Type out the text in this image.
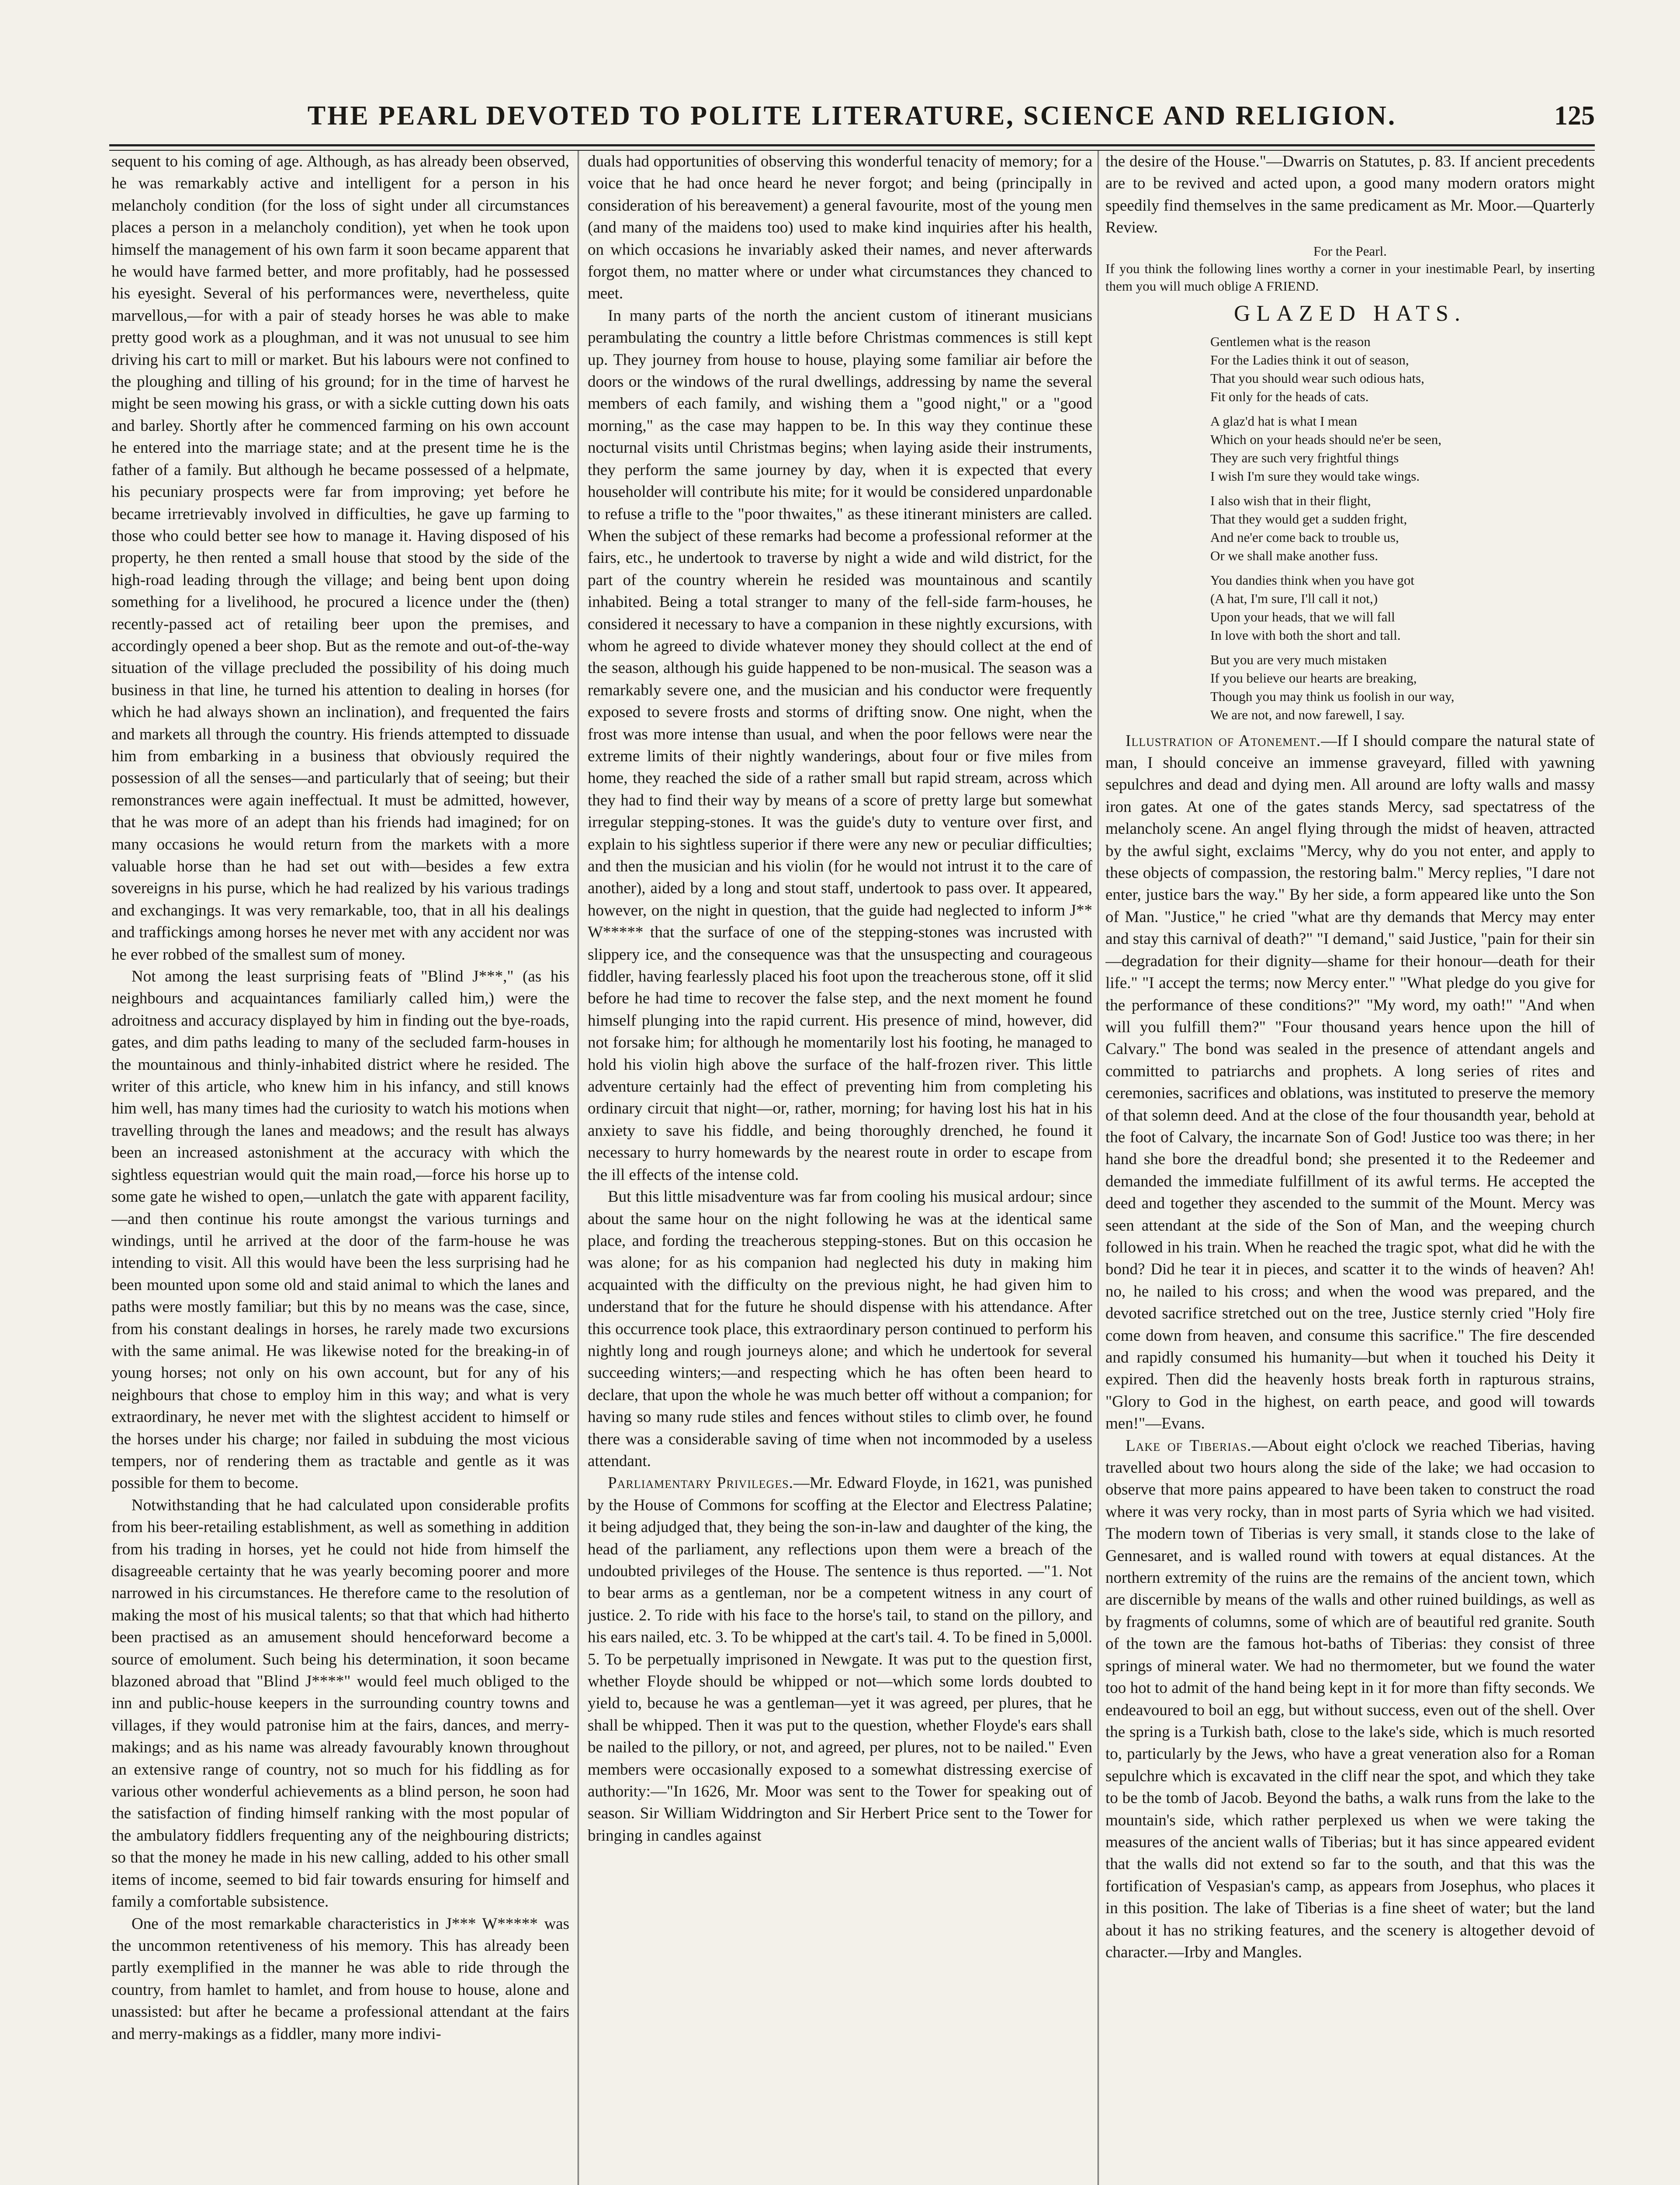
THE PEARL DEVOTED TO POLITE LITERATURE, SCIENCE AND RELIGION.	125

sequent to his coming of age. Although, as has already been observed, he was remarkably active and intelligent for a person in his melancholy condition (for the loss of sight under all circumstances places a person in a melancholy condition), yet when he took upon himself the management of his own farm it soon became apparent that he would have farmed better, and more profitably, had he possessed his eyesight. Several of his performances were, nevertheless, quite marvellous,—for with a pair of steady horses he was able to make pretty good work as a ploughman, and it was not unusual to see him driving his cart to mill or market. But his labours were not confined to the ploughing and tilling of his ground; for in the time of harvest he might be seen mowing his grass, or with a sickle cutting down his oats and barley. Shortly after he commenced farming on his own account he entered into the marriage state; and at the present time he is the father of a family. But although he became possessed of a helpmate, his pecuniary prospects were far from improving; yet before he became irretrievably involved in difficulties, he gave up farming to those who could better see how to manage it. Having disposed of his property, he then rented a small house that stood by the side of the high-road leading through the village; and being bent upon doing something for a livelihood, he procured a licence under the (then) recently-passed act of retailing beer upon the premises, and accordingly opened a beer shop. But as the remote and out-of-the-way situation of the village precluded the possibility of his doing much business in that line, he turned his attention to dealing in horses (for which he had always shown an inclination), and frequented the fairs and markets all through the country. His friends attempted to dissuade him from embarking in a business that obviously required the possession of all the senses—and particularly that of seeing; but their remonstrances were again ineffectual. It must be admitted, however, that he was more of an adept than his friends had imagined; for on many occasions he would return from the markets with a more valuable horse than he had set out with—besides a few extra sovereigns in his purse, which he had realized by his various tradings and exchangings. It was very remarkable, too, that in all his dealings and traffickings among horses he never met with any accident nor was he ever robbed of the smallest sum of money.

Not among the least surprising feats of "Blind J***," (as his neighbours and acquaintances familiarly called him,) were the adroitness and accuracy displayed by him in finding out the bye-roads, gates, and dim paths leading to many of the secluded farm-houses in the mountainous and thinly-inhabited district where he resided. The writer of this article, who knew him in his infancy, and still knows him well, has many times had the curiosity to watch his motions when travelling through the lanes and meadows; and the result has always been an increased astonishment at the accuracy with which the sightless equestrian would quit the main road,—force his horse up to some gate he wished to open,—unlatch the gate with apparent facility,—and then continue his route amongst the various turnings and windings, until he arrived at the door of the farm-house he was intending to visit. All this would have been the less surprising had he been mounted upon some old and staid animal to which the lanes and paths were mostly familiar; but this by no means was the case, since, from his constant dealings in horses, he rarely made two excursions with the same animal. He was likewise noted for the breaking-in of young horses; not only on his own account, but for any of his neighbours that chose to employ him in this way; and what is very extraordinary, he never met with the slightest accident to himself or the horses under his charge; nor failed in subduing the most vicious tempers, nor of rendering them as tractable and gentle as it was possible for them to become.

Notwithstanding that he had calculated upon considerable profits from his beer-retailing establishment, as well as something in addition from his trading in horses, yet he could not hide from himself the disagreeable certainty that he was yearly becoming poorer and more narrowed in his circumstances. He therefore came to the resolution of making the most of his musical talents; so that that which had hitherto been practised as an amusement should henceforward become a source of emolument. Such being his determination, it soon became blazoned abroad that "Blind J****" would feel much obliged to the inn and public-house keepers in the surrounding country towns and villages, if they would patronise him at the fairs, dances, and merry-makings; and as his name was already favourably known throughout an extensive range of country, not so much for his fiddling as for various other wonderful achievements as a blind person, he soon had the satisfaction of finding himself ranking with the most popular of the ambulatory fiddlers frequenting any of the neighbouring districts; so that the money he made in his new calling, added to his other small items of income, seemed to bid fair towards ensuring for himself and family a comfortable subsistence.

One of the most remarkable characteristics in J*** W***** was the uncommon retentiveness of his memory. This has already been partly exemplified in the manner he was able to ride through the country, from hamlet to hamlet, and from house to house, alone and unassisted: but after he became a professional attendant at the fairs and merry-makings as a fiddler, many more indivi-

duals had opportunities of observing this wonderful tenacity of memory; for a voice that he had once heard he never forgot; and being (principally in consideration of his bereavement) a general favourite, most of the young men (and many of the maidens too) used to make kind inquiries after his health, on which occasions he invariably asked their names, and never afterwards forgot them, no matter where or under what circumstances they chanced to meet.

In many parts of the north the ancient custom of itinerant musicians perambulating the country a little before Christmas commences is still kept up. They journey from house to house, playing some familiar air before the doors or the windows of the rural dwellings, addressing by name the several members of each family, and wishing them a "good night," or a "good morning," as the case may happen to be. In this way they continue these nocturnal visits until Christmas begins; when laying aside their instruments, they perform the same journey by day, when it is expected that every householder will contribute his mite; for it would be considered unpardonable to refuse a trifle to the "poor thwaites," as these itinerant ministers are called. When the subject of these remarks had become a professional reformer at the fairs, etc., he undertook to traverse by night a wide and wild district, for the part of the country wherein he resided was mountainous and scantily inhabited. Being a total stranger to many of the fell-side farm-houses, he considered it necessary to have a companion in these nightly excursions, with whom he agreed to divide whatever money they should collect at the end of the season, although his guide happened to be non-musical. The season was a remarkably severe one, and the musician and his conductor were frequently exposed to severe frosts and storms of drifting snow. One night, when the frost was more intense than usual, and when the poor fellows were near the extreme limits of their nightly wanderings, about four or five miles from home, they reached the side of a rather small but rapid stream, across which they had to find their way by means of a score of pretty large but somewhat irregular stepping-stones. It was the guide's duty to venture over first, and explain to his sightless superior if there were any new or peculiar difficulties; and then the musician and his violin (for he would not intrust it to the care of another), aided by a long and stout staff, undertook to pass over. It appeared, however, on the night in question, that the guide had neglected to inform J** W***** that the surface of one of the stepping-stones was incrusted with slippery ice, and the consequence was that the unsuspecting and courageous fiddler, having fearlessly placed his foot upon the treacherous stone, off it slid before he had time to recover the false step, and the next moment he found himself plunging into the rapid current. His presence of mind, however, did not forsake him; for although he momentarily lost his footing, he managed to hold his violin high above the surface of the half-frozen river. This little adventure certainly had the effect of preventing him from completing his ordinary circuit that night—or, rather, morning; for having lost his hat in his anxiety to save his fiddle, and being thoroughly drenched, he found it necessary to hurry homewards by the nearest route in order to escape from the ill effects of the intense cold.

But this little misadventure was far from cooling his musical ardour; since about the same hour on the night following he was at the identical same place, and fording the treacherous stepping-stones. But on this occasion he was alone; for as his companion had neglected his duty in making him acquainted with the difficulty on the previous night, he had given him to understand that for the future he should dispense with his attendance. After this occurrence took place, this extraordinary person continued to perform his nightly long and rough journeys alone; and which he undertook for several succeeding winters;—and respecting which he has often been heard to declare, that upon the whole he was much better off without a companion; for having so many rude stiles and fences without stiles to climb over, he found there was a considerable saving of time when not incommoded by a useless attendant.

Parliamentary Privileges.—Mr. Edward Floyde, in 1621, was punished by the House of Commons for scoffing at the Elector and Electress Palatine; it being adjudged that, they being the son-in-law and daughter of the king, the head of the parliament, any reflections upon them were a breach of the undoubted privileges of the House. The sentence is thus reported. —"1. Not to bear arms as a gentleman, nor be a competent witness in any court of justice. 2. To ride with his face to the horse's tail, to stand on the pillory, and his ears nailed, etc. 3. To be whipped at the cart's tail. 4. To be fined in 5,000l. 5. To be perpetually imprisoned in Newgate. It was put to the question first, whether Floyde should be whipped or not—which some lords doubted to yield to, because he was a gentleman—yet it was agreed, per plures, that he shall be whipped. Then it was put to the question, whether Floyde's ears shall be nailed to the pillory, or not, and agreed, per plures, not to be nailed." Even members were occasionally exposed to a somewhat distressing exercise of authority:—"In 1626, Mr. Moor was sent to the Tower for speaking out of season. Sir William Widdrington and Sir Herbert Price sent to the Tower for bringing in candles against

the desire of the House."—Dwarris on Statutes, p. 83. If ancient precedents are to be revived and acted upon, a good many modern orators might speedily find themselves in the same predicament as Mr. Moor.—Quarterly Review.

For the Pearl.
If you think the following lines worthy a corner in your inestimable Pearl, by inserting them you will much oblige A FRIEND.
GLAZED HATS.
Gentlemen what is the reason
For the Ladies think it out of season,
That you should wear such odious hats,
Fit only for the heads of cats.
A glaz'd hat is what I mean
Which on your heads should ne'er be seen,
They are such very frightful things
I wish I'm sure they would take wings.
I also wish that in their flight,
That they would get a sudden fright,
And ne'er come back to trouble us,
Or we shall make another fuss.
You dandies think when you have got
(A hat, I'm sure, I'll call it not,)
Upon your heads, that we will fall
In love with both the short and tall.
But you are very much mistaken
If you believe our hearts are breaking,
Though you may think us foolish in our way,
We are not, and now farewell, I say.

Illustration of Atonement.—If I should compare the natural state of man, I should conceive an immense graveyard, filled with yawning sepulchres and dead and dying men. All around are lofty walls and massy iron gates. At one of the gates stands Mercy, sad spectatress of the melancholy scene. An angel flying through the midst of heaven, attracted by the awful sight, exclaims "Mercy, why do you not enter, and apply to these objects of compassion, the restoring balm." Mercy replies, "I dare not enter, justice bars the way." By her side, a form appeared like unto the Son of Man. "Justice," he cried "what are thy demands that Mercy may enter and stay this carnival of death?" "I demand," said Justice, "pain for their sin—degradation for their dignity—shame for their honour—death for their life." "I accept the terms; now Mercy enter." "What pledge do you give for the performance of these conditions?" "My word, my oath!" "And when will you fulfill them?" "Four thousand years hence upon the hill of Calvary." The bond was sealed in the presence of attendant angels and committed to patriarchs and prophets. A long series of rites and ceremonies, sacrifices and oblations, was instituted to preserve the memory of that solemn deed. And at the close of the four thousandth year, behold at the foot of Calvary, the incarnate Son of God! Justice too was there; in her hand she bore the dreadful bond; she presented it to the Redeemer and demanded the immediate fulfillment of its awful terms. He accepted the deed and together they ascended to the summit of the Mount. Mercy was seen attendant at the side of the Son of Man, and the weeping church followed in his train. When he reached the tragic spot, what did he with the bond? Did he tear it in pieces, and scatter it to the winds of heaven? Ah! no, he nailed to his cross; and when the wood was prepared, and the devoted sacrifice stretched out on the tree, Justice sternly cried "Holy fire come down from heaven, and consume this sacrifice." The fire descended and rapidly consumed his humanity—but when it touched his Deity it expired. Then did the heavenly hosts break forth in rapturous strains, "Glory to God in the highest, on earth peace, and good will towards men!"—Evans.

Lake of Tiberias.—About eight o'clock we reached Tiberias, having travelled about two hours along the side of the lake; we had occasion to observe that more pains appeared to have been taken to construct the road where it was very rocky, than in most parts of Syria which we had visited. The modern town of Tiberias is very small, it stands close to the lake of Gennesaret, and is walled round with towers at equal distances. At the northern extremity of the ruins are the remains of the ancient town, which are discernible by means of the walls and other ruined buildings, as well as by fragments of columns, some of which are of beautiful red granite. South of the town are the famous hot-baths of Tiberias: they consist of three springs of mineral water. We had no thermometer, but we found the water too hot to admit of the hand being kept in it for more than fifty seconds. We endeavoured to boil an egg, but without success, even out of the shell. Over the spring is a Turkish bath, close to the lake's side, which is much resorted to, particularly by the Jews, who have a great veneration also for a Roman sepulchre which is excavated in the cliff near the spot, and which they take to be the tomb of Jacob. Beyond the baths, a walk runs from the lake to the mountain's side, which rather perplexed us when we were taking the measures of the ancient walls of Tiberias; but it has since appeared evident that the walls did not extend so far to the south, and that this was the fortification of Vespasian's camp, as appears from Josephus, who places it in this position. The lake of Tiberias is a fine sheet of water; but the land about it has no striking features, and the scenery is altogether devoid of character.—Irby and Mangles.
